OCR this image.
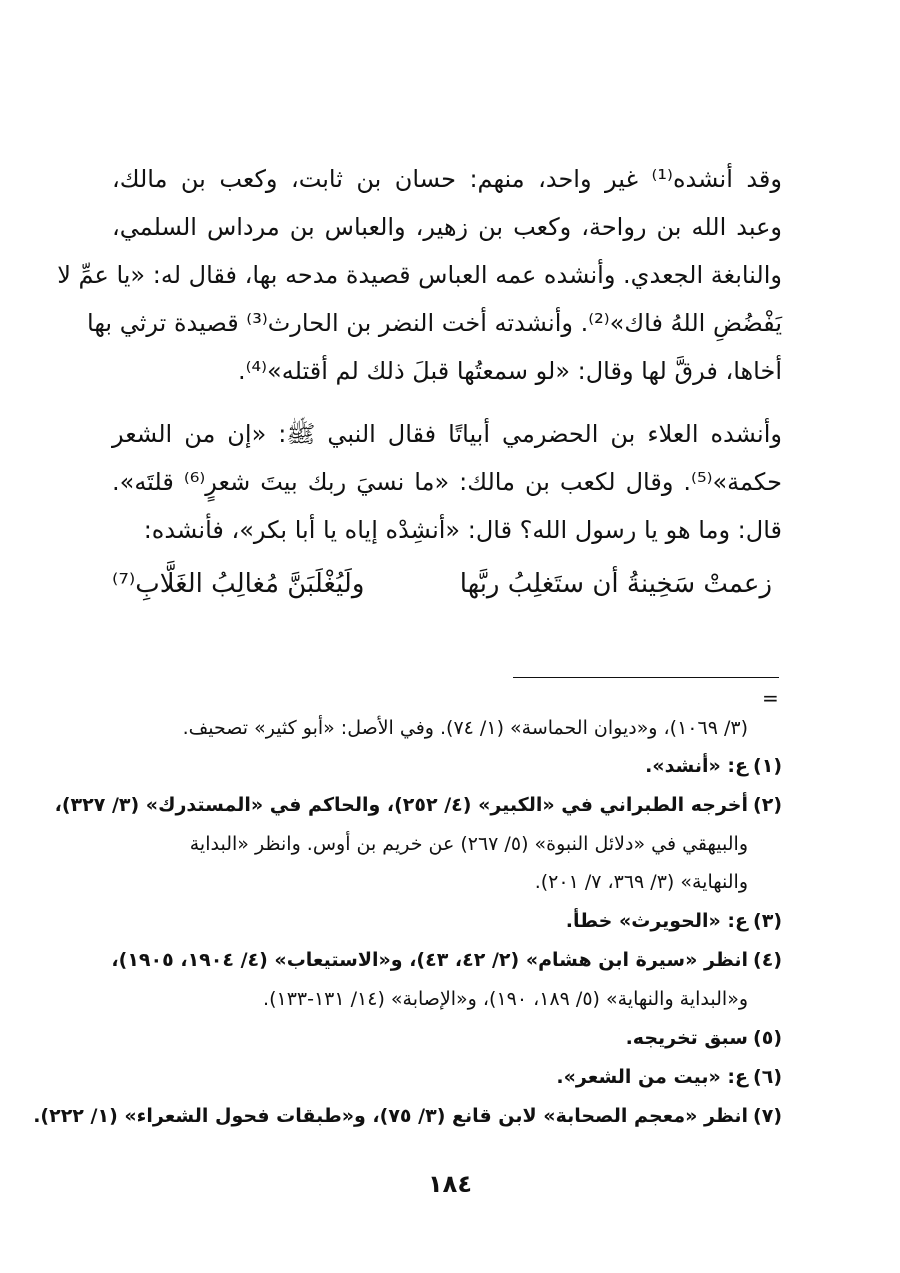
وقد أنشده⁽¹⁾ غير واحد، منهم: حسان بن ثابت، وكعب بن مالك،
وعبد الله بن رواحة، وكعب بن زهير، والعباس بن مرداس السلمي،
والنابغة الجعدي. وأنشده عمه العباس قصيدة مدحه بها، فقال له: «يا عمِّ لا
يَفْضُضِ اللهُ فاك»⁽²⁾. وأنشدته أخت النضر بن الحارث⁽³⁾ قصيدة ترثي بها
أخاها، فرقَّ لها وقال: «لو سمعتُها قبلَ ذلك لم أقتله»⁽⁴⁾.
وأنشده العلاء بن الحضرمي أبياتًا فقال النبي ﷺ: «إن من الشعر
حكمة»⁽⁵⁾. وقال لكعب بن مالك: «ما نسيَ ربك بيتَ شعرٍ⁽⁶⁾ قلتَه».
قال: وما هو يا رسول الله؟ قال: «أنشِدْه إياه يا أبا بكر»، فأنشده:
زعمتْ سَخِينةُ أن ستَغلِبُ ربَّها
ولَيُغْلَبَنَّ مُغالِبُ الغَلَّابِ⁽⁷⁾
=
(٣/ ١٠٦٩)، و«ديوان الحماسة» (١/ ٧٤). وفي الأصل: «أبو كثير» تصحيف.
(١)ع: «أنشد».
(٢)أخرجه الطبراني في «الكبير» (٤/ ٢٥٢)، والحاكم في «المستدرك» (٣/ ٣٢٧)،
والبيهقي في «دلائل النبوة» (٥/ ٢٦٧) عن خريم بن أوس. وانظر «البداية
والنهاية» (٣/ ٣٦٩، ٧/ ٢٠١).
(٣)ع: «الحويرث» خطأ.
(٤)انظر «سيرة ابن هشام» (٢/ ٤٢، ٤٣)، و«الاستيعاب» (٤/ ١٩٠٤، ١٩٠٥)،
و«البداية والنهاية» (٥/ ١٨٩، ١٩٠)، و«الإصابة» (١٤/ ١٣١-١٣٣).
(٥)سبق تخريجه.
(٦)ع: «بيت من الشعر».
(٧)انظر «معجم الصحابة» لابن قانع (٣/ ٧٥)، و«طبقات فحول الشعراء» (١/ ٢٢٢).
١٨٤
